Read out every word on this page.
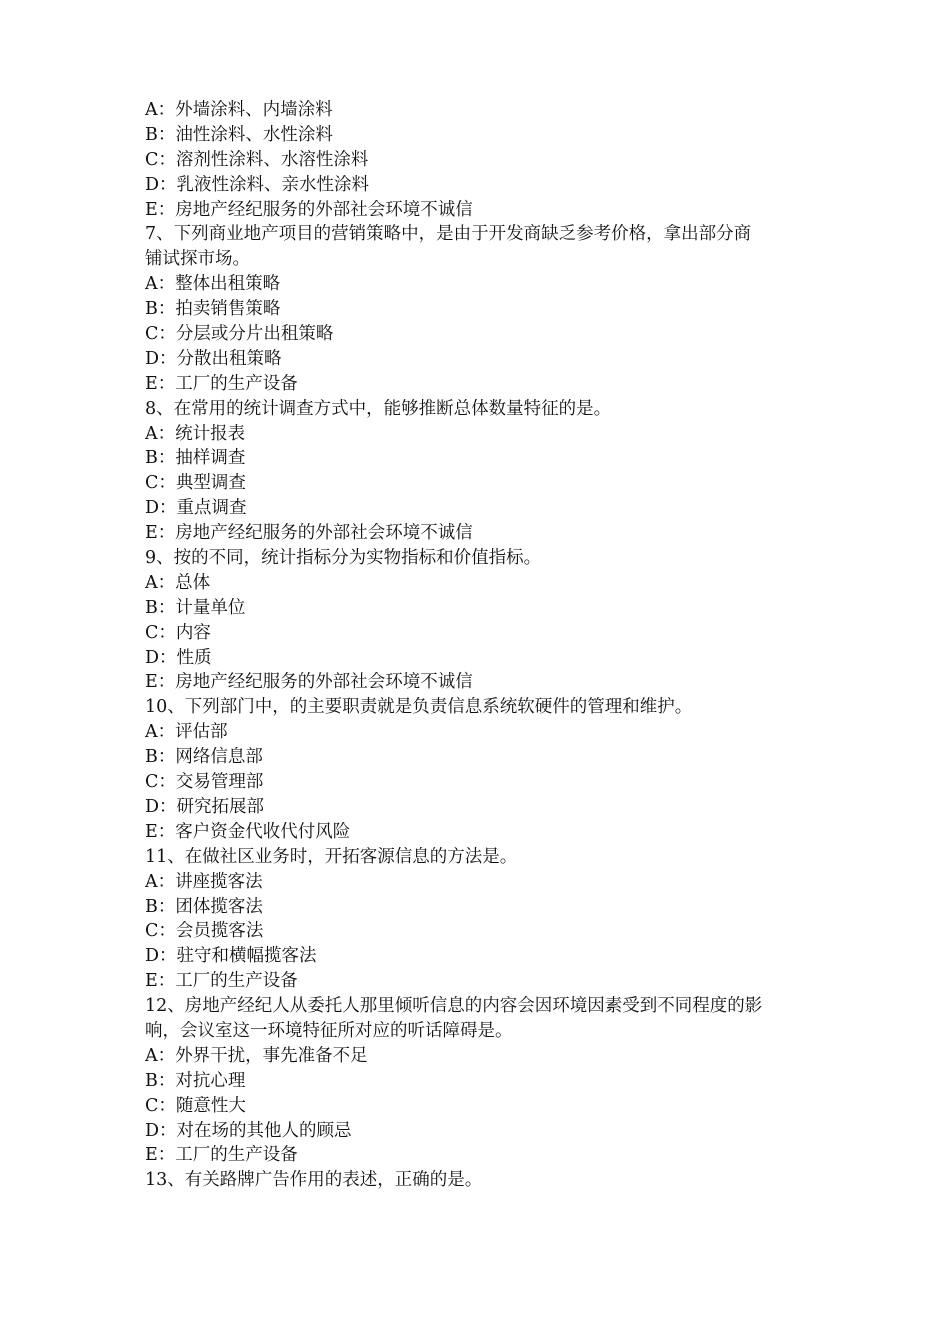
A：外墙涂料、内墙涂料
B：油性涂料、水性涂料
C：溶剂性涂料、水溶性涂料
D：乳液性涂料、亲水性涂料
E：房地产经纪服务的外部社会环境不诚信
7、下列商业地产项目的营销策略中，是由于开发商缺乏参考价格，拿出部分商
铺试探市场。
A：整体出租策略
B：拍卖销售策略
C：分层或分片出租策略
D：分散出租策略
E：工厂的生产设备
8、在常用的统计调查方式中，能够推断总体数量特征的是。
A：统计报表
B：抽样调查
C：典型调查
D：重点调查
E：房地产经纪服务的外部社会环境不诚信
9、按的不同，统计指标分为实物指标和价值指标。
A：总体
B：计量单位
C：内容
D：性质
E：房地产经纪服务的外部社会环境不诚信
10、下列部门中，的主要职责就是负责信息系统软硬件的管理和维护。
A：评估部
B：网络信息部
C：交易管理部
D：研究拓展部
E：客户资金代收代付风险
11、在做社区业务时，开拓客源信息的方法是。
A：讲座揽客法
B：团体揽客法
C：会员揽客法
D：驻守和横幅揽客法
E：工厂的生产设备
12、房地产经纪人从委托人那里倾听信息的内容会因环境因素受到不同程度的影
响，会议室这一环境特征所对应的听话障碍是。
A：外界干扰，事先准备不足
B：对抗心理
C：随意性大
D：对在场的其他人的顾忌
E：工厂的生产设备
13、有关路牌广告作用的表述，正确的是。
